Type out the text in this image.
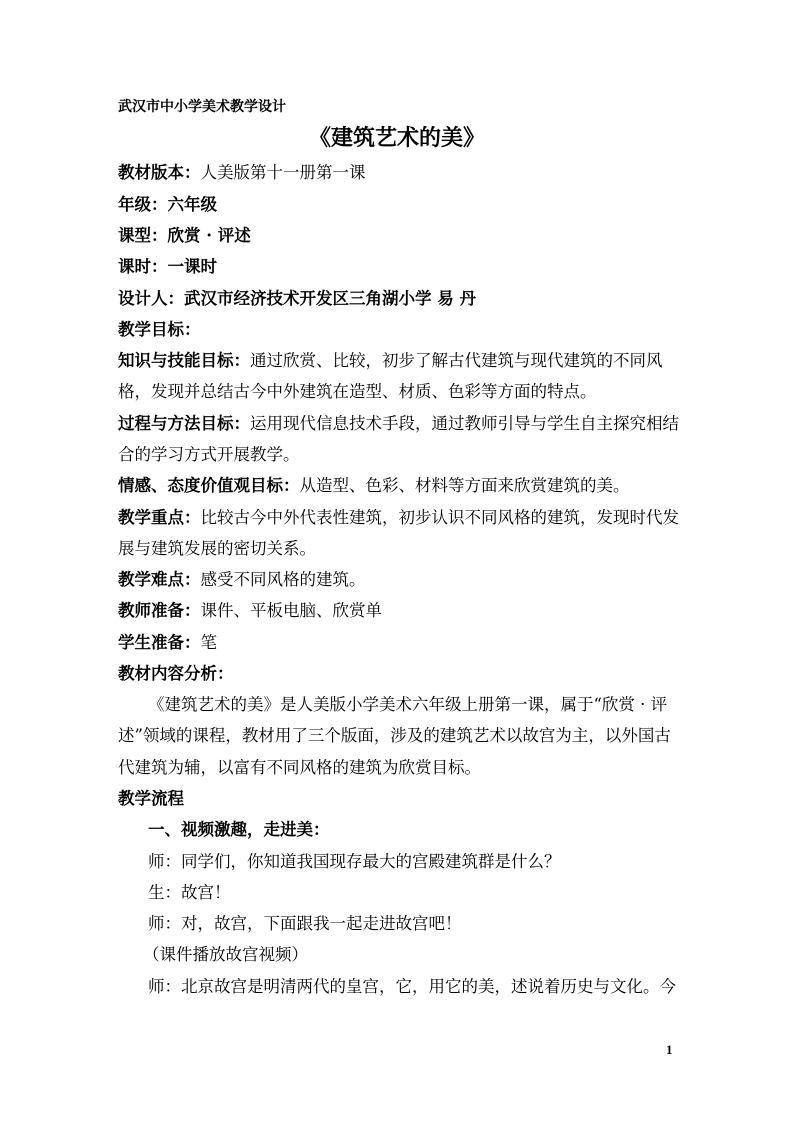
武汉市中小学美术教学设计
《建筑艺术的美》
教材版本：人美版第十一册第一课
年级：六年级
课型：欣赏 · 评述
课时：一课时
设计人：武汉市经济技术开发区三角湖小学 易 丹
教学目标：
知识与技能目标：通过欣赏、比较，初步了解古代建筑与现代建筑的不同风
格，发现并总结古今中外建筑在造型、材质、色彩等方面的特点。
过程与方法目标：运用现代信息技术手段，通过教师引导与学生自主探究相结
合的学习方式开展教学。
情感、态度价值观目标：从造型、色彩、材料等方面来欣赏建筑的美。
教学重点：比较古今中外代表性建筑，初步认识不同风格的建筑，发现时代发
展与建筑发展的密切关系。
教学难点：感受不同风格的建筑。
教师准备：课件、平板电脑、欣赏单
学生准备：笔
教材内容分析：
《建筑艺术的美》是人美版小学美术六年级上册第一课，属于“欣赏 · 评
述”领域的课程，教材用了三个版面，涉及的建筑艺术以故宫为主，以外国古
代建筑为辅，以富有不同风格的建筑为欣赏目标。
教学流程
一、视频激趣，走进美：
师：同学们，你知道我国现存最大的宫殿建筑群是什么？
生：故宫！
师：对，故宫，下面跟我一起走进故宫吧！
（课件播放故宫视频）
师：北京故宫是明清两代的皇宫，它，用它的美，述说着历史与文化。今
1
